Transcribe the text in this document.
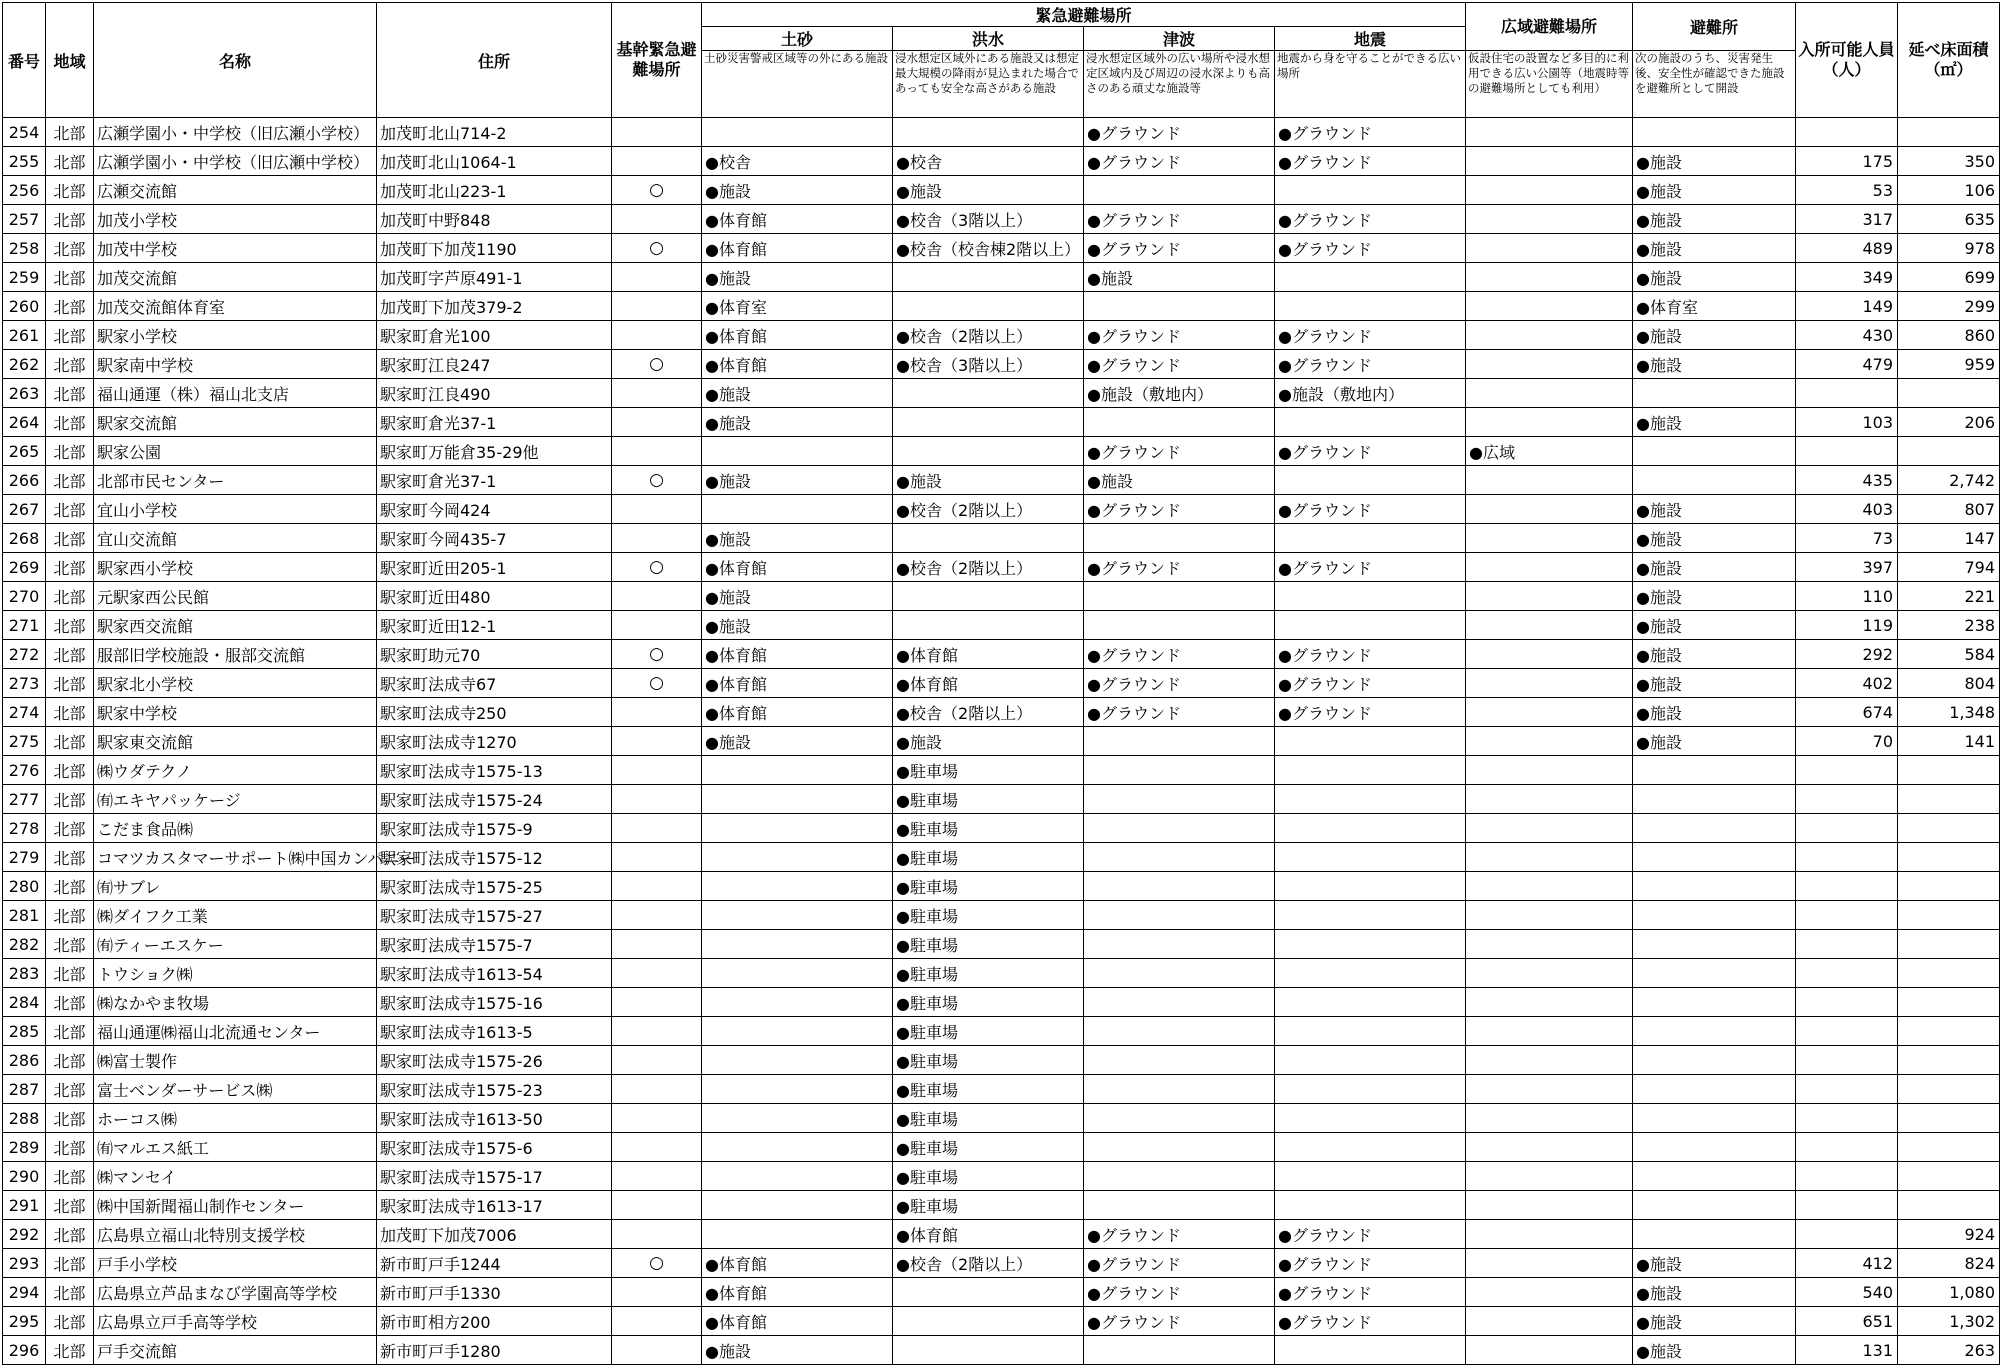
番号	地域	名称	住所	基幹緊急避難場所	緊急避難場所				広域避難場所	避難所	入所可能人員（人）	延べ床面積（㎡）
					土砂	洪水	津波	地震				
					土砂災害警戒区域等の外にある施設	浸水想定区域外にある施設又は想定最大規模の降雨が見込まれた場合であっても安全な高さがある施設	浸水想定区域外の広い場所や浸水想定区域内及び周辺の浸水深よりも高さのある頑丈な施設等	地震から身を守ることができる広い場所	仮設住宅の設置など多目的に利用できる広い公園等（地震時等の避難場所としても利用）	次の施設のうち、災害発生後、安全性が確認できた施設を避難所として開設		
254	北部	広瀬学園小・中学校（旧広瀬小学校）	加茂町北山714-2				●グラウンド	●グラウンド				
255	北部	広瀬学園小・中学校（旧広瀬中学校）	加茂町北山1064-1		●校舎	●校舎	●グラウンド	●グラウンド		●施設	175	350
256	北部	広瀬交流館	加茂町北山223-1	○	●施設	●施設				●施設	53	106
257	北部	加茂小学校	加茂町中野848		●体育館	●校舎（3階以上）	●グラウンド	●グラウンド		●施設	317	635
258	北部	加茂中学校	加茂町下加茂1190	○	●体育館	●校舎（校舎棟2階以上）	●グラウンド	●グラウンド		●施設	489	978
259	北部	加茂交流館	加茂町字芦原491-1		●施設		●施設			●施設	349	699
260	北部	加茂交流館体育室	加茂町下加茂379-2		●体育室					●体育室	149	299
261	北部	駅家小学校	駅家町倉光100		●体育館	●校舎（2階以上）	●グラウンド	●グラウンド		●施設	430	860
262	北部	駅家南中学校	駅家町江良247	○	●体育館	●校舎（3階以上）	●グラウンド	●グラウンド		●施設	479	959
263	北部	福山通運（株）福山北支店	駅家町江良490		●施設		●施設（敷地内）	●施設（敷地内）				
264	北部	駅家交流館	駅家町倉光37-1		●施設					●施設	103	206
265	北部	駅家公園	駅家町万能倉35-29他				●グラウンド	●グラウンド	●広域			
266	北部	北部市民センター	駅家町倉光37-1	○	●施設	●施設	●施設				435	2,742
267	北部	宜山小学校	駅家町今岡424			●校舎（2階以上）	●グラウンド	●グラウンド		●施設	403	807
268	北部	宜山交流館	駅家町今岡435-7		●施設					●施設	73	147
269	北部	駅家西小学校	駅家町近田205-1	○	●体育館	●校舎（2階以上）	●グラウンド	●グラウンド		●施設	397	794
270	北部	元駅家西公民館	駅家町近田480		●施設					●施設	110	221
271	北部	駅家西交流館	駅家町近田12-1		●施設					●施設	119	238
272	北部	服部旧学校施設・服部交流館	駅家町助元70	○	●体育館	●体育館	●グラウンド	●グラウンド		●施設	292	584
273	北部	駅家北小学校	駅家町法成寺67	○	●体育館	●体育館	●グラウンド	●グラウンド		●施設	402	804
274	北部	駅家中学校	駅家町法成寺250		●体育館	●校舎（2階以上）	●グラウンド	●グラウンド		●施設	674	1,348
275	北部	駅家東交流館	駅家町法成寺1270		●施設	●施設				●施設	70	141
276	北部	㈱ウダテクノ	駅家町法成寺1575-13			●駐車場						
277	北部	㈲エキヤパッケージ	駅家町法成寺1575-24			●駐車場						
278	北部	こだま食品㈱	駅家町法成寺1575-9			●駐車場						
279	北部	コマツカスタマーサポート㈱中国カンパニー	駅家町法成寺1575-12			●駐車場						
280	北部	㈲サブレ	駅家町法成寺1575-25			●駐車場						
281	北部	㈱ダイフク工業	駅家町法成寺1575-27			●駐車場						
282	北部	㈲ティーエスケー	駅家町法成寺1575-7			●駐車場						
283	北部	トウショク㈱	駅家町法成寺1613-54			●駐車場						
284	北部	㈱なかやま牧場	駅家町法成寺1575-16			●駐車場						
285	北部	福山通運㈱福山北流通センター	駅家町法成寺1613-5			●駐車場						
286	北部	㈱富士製作	駅家町法成寺1575-26			●駐車場						
287	北部	富士ベンダーサービス㈱	駅家町法成寺1575-23			●駐車場						
288	北部	ホーコス㈱	駅家町法成寺1613-50			●駐車場						
289	北部	㈲マルエス紙工	駅家町法成寺1575-6			●駐車場						
290	北部	㈱マンセイ	駅家町法成寺1575-17			●駐車場						
291	北部	㈱中国新聞福山制作センター	駅家町法成寺1613-17			●駐車場						
292	北部	広島県立福山北特別支援学校	加茂町下加茂7006			●体育館	●グラウンド	●グラウンド				924
293	北部	戸手小学校	新市町戸手1244	○	●体育館	●校舎（2階以上）	●グラウンド	●グラウンド		●施設	412	824
294	北部	広島県立芦品まなび学園高等学校	新市町戸手1330		●体育館		●グラウンド	●グラウンド		●施設	540	1,080
295	北部	広島県立戸手高等学校	新市町相方200		●体育館		●グラウンド	●グラウンド		●施設	651	1,302
296	北部	戸手交流館	新市町戸手1280		●施設					●施設	131	263
